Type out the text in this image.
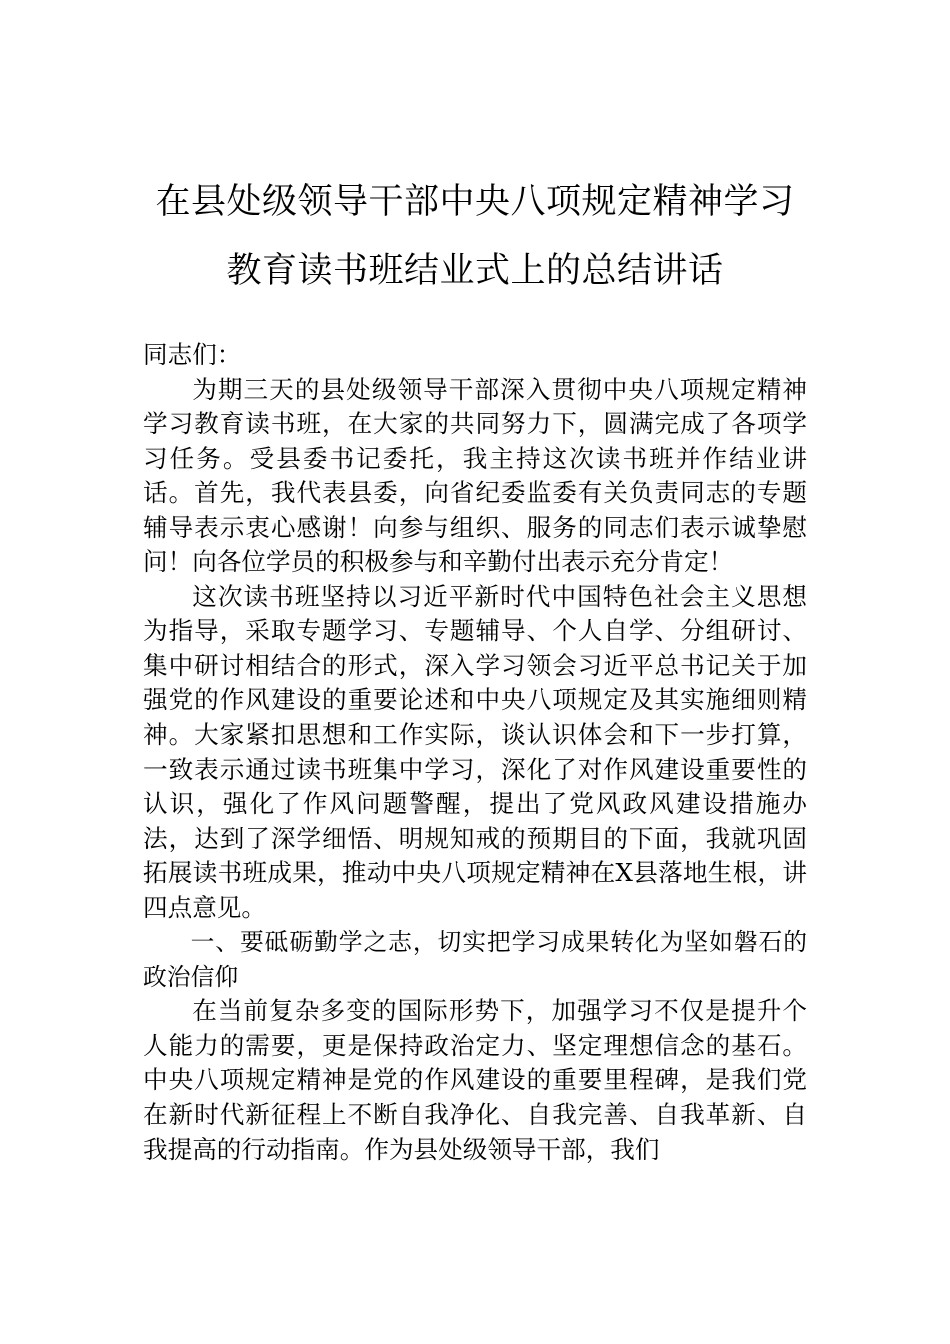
在县处级领导干部中央八项规定精神学习
教育读书班结业式上的总结讲话

同志们：

为期三天的县处级领导干部深入贯彻中央八项规定精神学习教育读书班，在大家的共同努力下，圆满完成了各项学习任务。受县委书记委托，我主持这次读书班并作结业讲话。首先，我代表县委，向省纪委监委有关负责同志的专题辅导表示衷心感谢！向参与组织、服务的同志们表示诚挚慰问！向各位学员的积极参与和辛勤付出表示充分肯定！

这次读书班坚持以习近平新时代中国特色社会主义思想为指导，采取专题学习、专题辅导、个人自学、分组研讨、集中研讨相结合的形式，深入学习领会习近平总书记关于加强党的作风建设的重要论述和中央八项规定及其实施细则精神。大家紧扣思想和工作实际，谈认识体会和下一步打算，一致表示通过读书班集中学习，深化了对作风建设重要性的认识，强化了作风问题警醒，提出了党风政风建设措施办法，达到了深学细悟、明规知戒的预期目的下面，我就巩固拓展读书班成果，推动中央八项规定精神在X县落地生根，讲四点意见。

一、要砥砺勤学之志，切实把学习成果转化为坚如磐石的政治信仰

在当前复杂多变的国际形势下，加强学习不仅是提升个人能力的需要，更是保持政治定力、坚定理想信念的基石。中央八项规定精神是党的作风建设的重要里程碑，是我们党在新时代新征程上不断自我净化、自我完善、自我革新、自我提高的行动指南。作为县处级领导干部，我们
